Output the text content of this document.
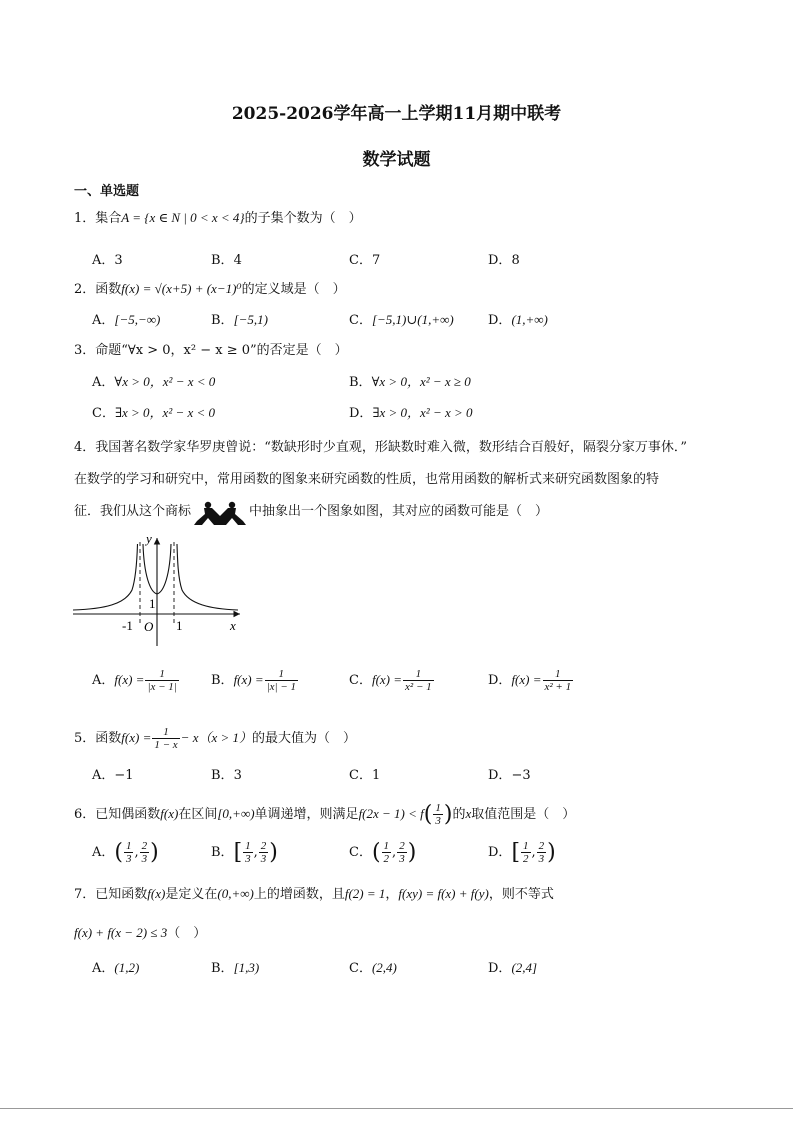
2025-2026学年高一上学期11月期中联考
数学试题
一、单选题
1．集合A = {x ∈ N | 0 < x < 4}的子集个数为（　）
A．3	B．4	C．7	D．8
2．函数f(x) = √(x+5) + (x−1)⁰的定义域是（　）
A．[−5,−∞)	B．[−5,1)	C．[−5,1)∪(1,+∞)	D．(1,+∞)
3．命题“∀x > 0，x² − x ≥ 0”的否定是（　）
A．∀x > 0，x² − x < 0	B．∀x > 0，x² − x ≥ 0
C．∃x > 0，x² − x < 0	D．∃x > 0，x² − x > 0
4．我国著名数学家华罗庚曾说：“数缺形时少直观，形缺数时难入微，数形结合百般好，隔裂分家万事休．”
在数学的学习和研究中，常用函数的图象来研究函数的性质，也常用函数的解析式来研究函数图象的特
征．我们从这个商标	中抽象出一个图象如图，其对应的函数可能是（　）
y
x
O
-1	1
1
A．$f(x) = \frac{1}{|x - 1|}$ B．$f(x) = \frac{1}{|x| - 1}$	C．$f(x) = \frac{1}{\text{x² − 1}}$	D．$f(x) = \frac{1}{\text{x² + 1}}$
5．函数$f(x) = \frac{1}{1 - x} - x(x > 1)$的最大值为（　）
A．−1	B．3	C．1	D．−3
6．已知偶函数f(x)在区间[0,+∞)单调递增，则满足$f(2x - 1) < f( \frac{1}{3}$ )的x取值范围是（　）
A．( $\frac{1}{3}$ , $\frac{2}{3}$ )	B．[ $\frac{1}{3}$ , $\frac{2}{3}$ )	C．( $\frac{1}{2}$ , $\frac{2}{3}$ )	D．[ $\frac{1}{2}$ , $\frac{2}{3}$ )
7．已知函数f(x)是定义在(0,+∞)上的增函数，且f(2) = 1，f(xy) = f(x) + f(y)，则不等式
f(x) + f(x − 2) ≤ 3（　）
A．(1,2)	B．[1,3)	C．(2,4)	D．(2,4]
